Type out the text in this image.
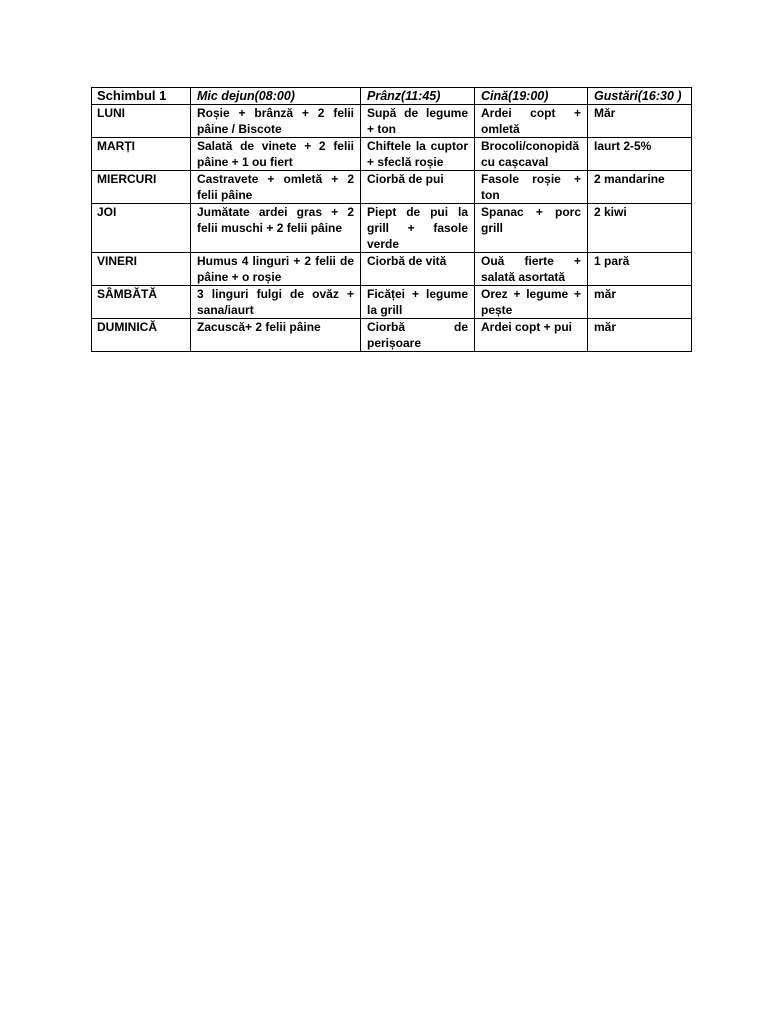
Schimbul 1	Mic dejun(08:00)	Prânz(11:45)	Cină(19:00)	Gustări(16:30 )
LUNI	Roșie + brânză + 2 felii pâine / Biscote	Supă de legume + ton	Ardei copt + omletă	Măr
MARȚI	Salată de vinete + 2 felii pâine + 1 ou fiert	Chiftele la cuptor + sfeclă roșie	Brocoli/conopidă cu cașcaval	Iaurt 2-5%
MIERCURI	Castravete + omletă + 2 felii pâine	Ciorbă de pui	Fasole roșie + ton	2 mandarine
JOI	Jumătate ardei gras + 2 felii muschi + 2 felii pâine	Piept de pui la grill + fasole verde	Spanac + porc grill	2 kiwi
VINERI	Humus 4 linguri + 2 felii de pâine + o roșie	Ciorbă de vită	Ouă fierte + salată asortată	1 pară
SÂMBĂTĂ	3 linguri fulgi de ovăz + sana/iaurt	Ficăței + legume la grill	Orez + legume + pește	măr
DUMINICĂ	Zacuscă+ 2 felii pâine	Ciorbă de perișoare	Ardei copt + pui	măr
